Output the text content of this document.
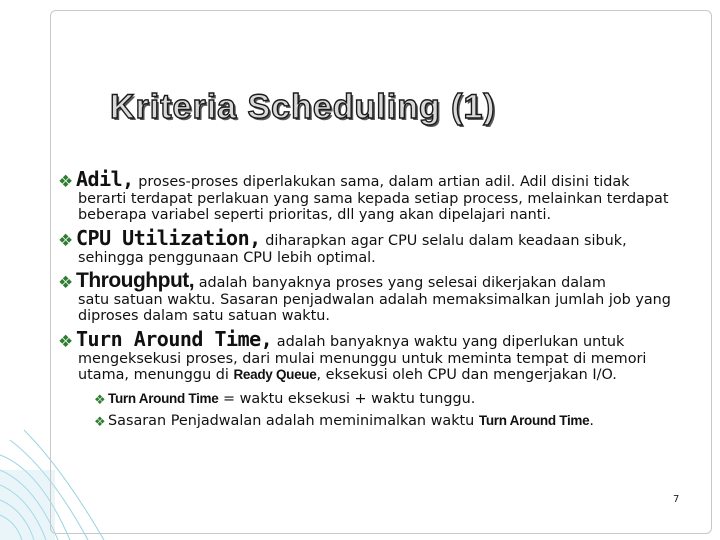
Kriteria Scheduling (1)
❖ Adil, proses-proses diperlakukan sama, dalam artian adil. Adil disini tidak
berarti terdapat perlakuan yang sama kepada setiap process, melainkan terdapat beberapa variabel seperti prioritas, dll yang akan dipelajari nanti.
❖ CPU Utilization, diharapkan agar CPU selalu dalam keadaan sibuk,
sehingga penggunaan CPU lebih optimal.
❖ Throughput, adalah banyaknya proses yang selesai dikerjakan dalam
satu satuan waktu. Sasaran penjadwalan adalah memaksimalkan jumlah job yang diproses dalam satu satuan waktu.
❖ Turn Around Time, adalah banyaknya waktu yang diperlukan untuk
mengeksekusi proses, dari mulai menunggu untuk meminta tempat di memori utama, menunggu di Ready Queue, eksekusi oleh CPU dan mengerjakan I/O.
❖ Turn Around Time = waktu eksekusi + waktu tunggu.
❖ Sasaran Penjadwalan adalah meminimalkan waktu Turn Around Time.
7
